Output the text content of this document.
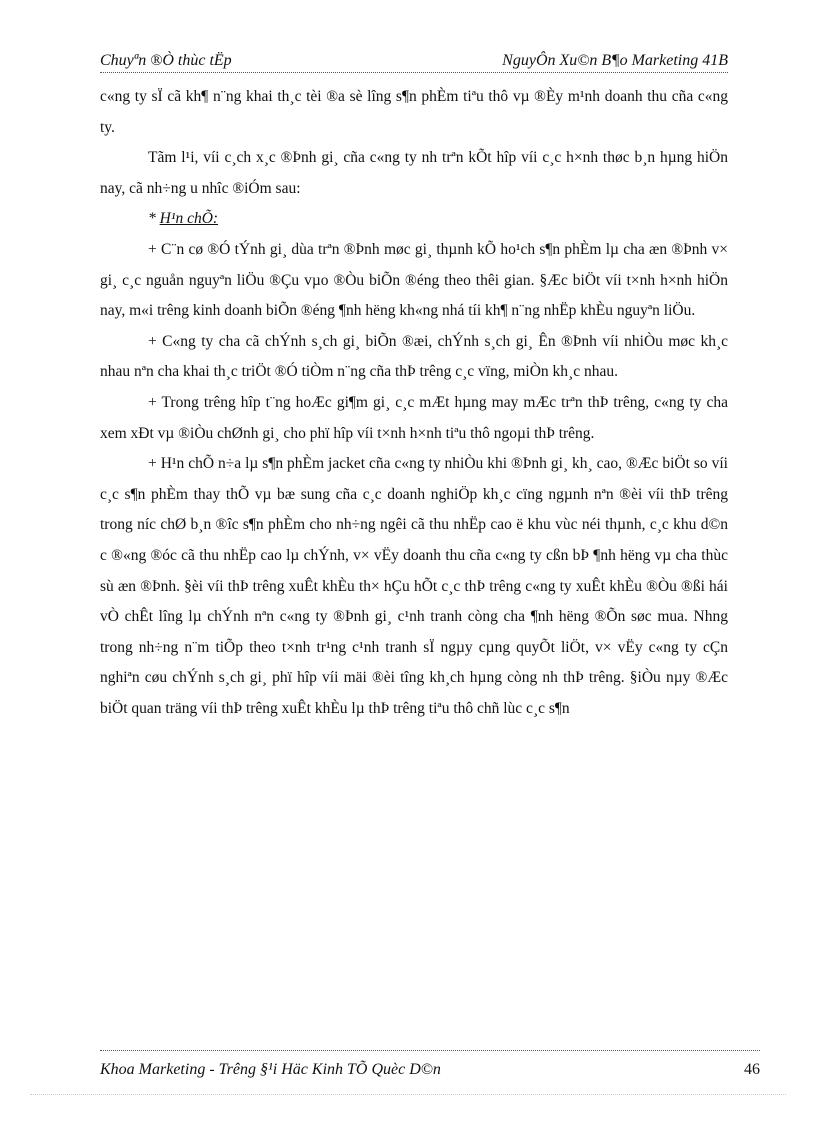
Chuyªn ®Ò thùc tËp	NguyÔn Xu©n B¶o Marketing 41B

c«ng ty sÏ cã kh¶ n¨ng khai th¸c tèi ®a sè lîng s¶n phÈm tiªu thô vµ ®Èy m¹nh doanh thu cña c«ng ty.

Tãm l¹i, víi c¸ch x¸c ®Þnh gi¸ cña c«ng ty nh trªn kÕt hîp víi c¸c h×nh thøc b¸n hµng hiÖn nay, cã nh÷ng u nhîc ®iÓm sau:

* H¹n chÕ:

+ C¨n cø ®Ó tÝnh gi¸ dùa trªn ®Þnh møc gi¸ thµnh kÕ ho¹ch s¶n phÈm lµ cha æn ®Þnh v× gi¸ c¸c nguån nguyªn liÖu ®Çu vµo ®Òu biÕn ®éng theo thêi gian. §Æc biÖt víi t×nh h×nh hiÖn nay, m«i trêng kinh doanh biÕn ®éng ¶nh hëng kh«ng nhá tíi kh¶ n¨ng nhËp khÈu nguyªn liÖu.

+ C«ng ty cha cã chÝnh s¸ch gi¸ biÕn ®æi, chÝnh s¸ch gi¸ Ên ®Þnh víi nhiÒu møc kh¸c nhau nªn cha khai th¸c triÖt ®Ó tiÒm n¨ng cña thÞ trêng c¸c vïng, miÒn kh¸c nhau.

+ Trong trêng hîp t¨ng hoÆc gi¶m gi¸ c¸c mÆt hµng may mÆc trªn thÞ trêng, c«ng ty cha xem xÐt vµ ®iÒu chØnh gi¸ cho phï hîp víi t×nh h×nh tiªu thô ngoµi thÞ trêng.

+ H¹n chÕ n÷a lµ s¶n phÈm jacket cña c«ng ty nhiÒu khi ®Þnh gi¸ kh¸ cao, ®Æc biÖt so víi c¸c s¶n phÈm thay thÕ vµ bæ sung cña c¸c doanh nghiÖp kh¸c cïng ngµnh nªn ®èi víi thÞ trêng trong níc chØ b¸n ®îc s¶n phÈm cho nh÷ng ngêi cã thu nhËp cao ë khu vùc néi thµnh, c¸c khu d©n c ®«ng ®óc cã thu nhËp cao lµ chÝnh, v× vËy doanh thu cña c«ng ty cßn bÞ ¶nh hëng vµ cha thùc sù æn ®Þnh. §èi víi thÞ trêng xuÊt khÈu th× hÇu hÕt c¸c thÞ trêng c«ng ty xuÊt khÈu ®Òu ®ßi hái vÒ chÊt lîng lµ chÝnh nªn c«ng ty ®Þnh gi¸ c¹nh tranh còng cha ¶nh hëng ®Õn søc mua. Nhng trong nh÷ng n¨m tiÕp theo t×nh tr¹ng c¹nh tranh sÏ ngµy cµng quyÕt liÖt, v× vËy c«ng ty cÇn nghiªn cøu chÝnh s¸ch gi¸ phï hîp víi mäi ®èi tîng kh¸ch hµng còng nh thÞ trêng. §iÒu nµy ®Æc biÖt quan träng víi thÞ trêng xuÊt khÈu lµ thÞ trêng tiªu thô chñ lùc c¸c s¶n

Khoa Marketing - Trêng §¹i Häc Kinh TÕ Quèc D©n	46
